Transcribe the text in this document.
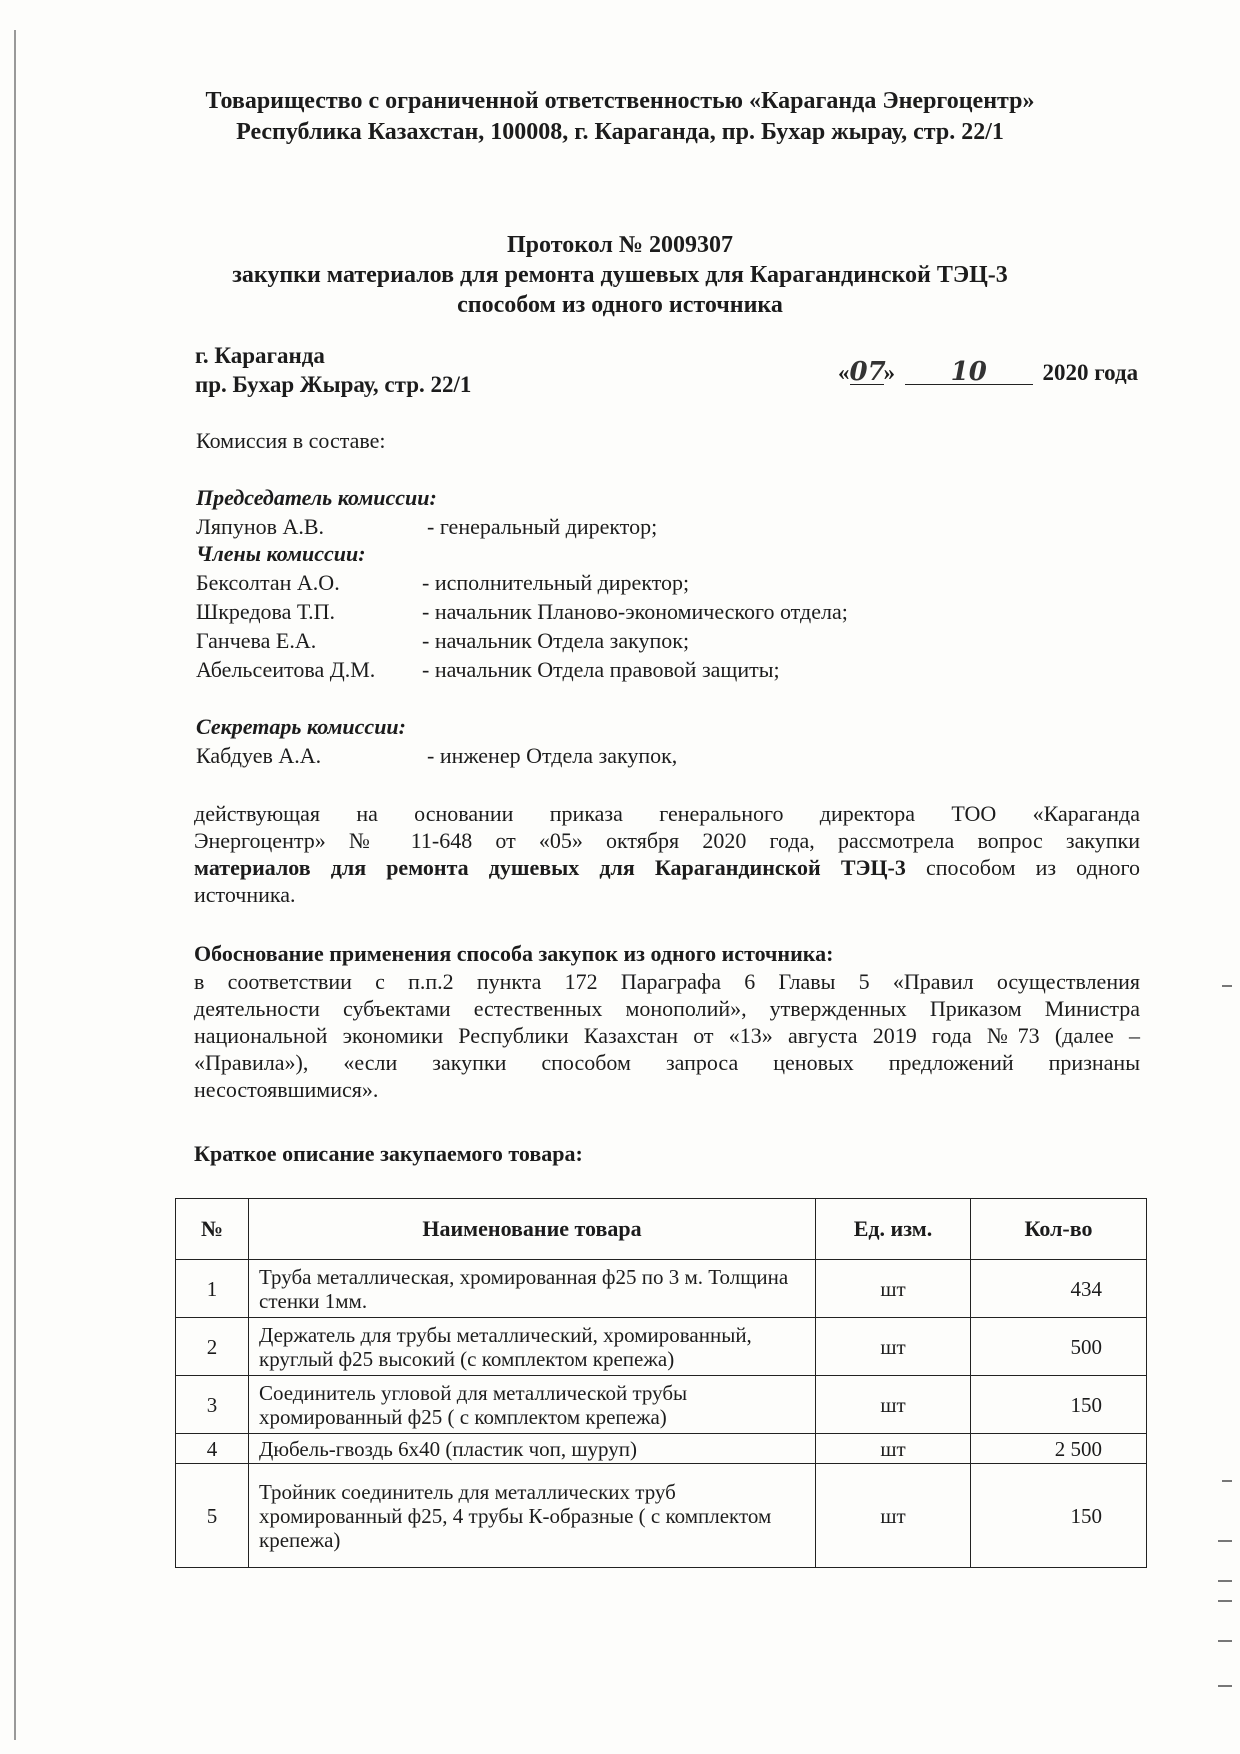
Товарищество с ограниченной ответственностью «Караганда Энергоцентр»
Республика Казахстан, 100008, г. Караганда, пр. Бухар жырау, стр. 22/1
Протокол № 2009307
закупки материалов для ремонта душевых для Карагандинской ТЭЦ-3
способом из одного источника
г. Караганда
пр. Бухар Жырау, стр. 22/1	«07» 10 2020 года
Комиссия в составе:
Председатель комиссии:
Ляпунов А.В.	- генеральный директор;
Члены комиссии:
Бексолтан А.О.	- исполнительный директор;
Шкредова Т.П.	- начальник Планово-экономического отдела;
Ганчева Е.А.	- начальник Отдела закупок;
Абельсеитова Д.М. - начальник Отдела правовой защиты;
Секретарь комиссии:
Кабдуев А.А.	- инженер Отдела закупок,
действующая на основании приказа генерального директора ТОО «Караганда
Энергоцентр» № 11-648 от «05» октября 2020 года, рассмотрела вопрос закупки
материалов для ремонта душевых для Карагандинской ТЭЦ-3 способом из одного
источника.
Обоснование применения способа закупок из одного источника:
в соответствии с п.п.2 пункта 172 Параграфа 6 Главы 5 «Правил осуществления
деятельности субъектами естественных монополий», утвержденных Приказом Министра
национальной экономики Республики Казахстан от «13» августа 2019 года №73 (далее –
«Правила»), «если закупки способом запроса ценовых предложений признаны
несостоявшимися».
Краткое описание закупаемого товара:
№	Наименование товара	Ед. изм.	Кол-во
1	Труба металлическая, хромированная ф25 по 3 м. Толщина стенки 1мм.	шт	434
2	Держатель для трубы металлический, хромированный, круглый ф25 высокий (с комплектом крепежа)	шт	500
3	Соединитель угловой для металлической трубы хромированный ф25 ( с комплектом крепежа)	шт	150
4	Дюбель-гвоздь 6х40 (пластик чоп, шуруп)	шт	2 500
5	Тройник соединитель для металлических труб хромированный ф25, 4 трубы К-образные ( с комплектом крепежа)	шт	150
